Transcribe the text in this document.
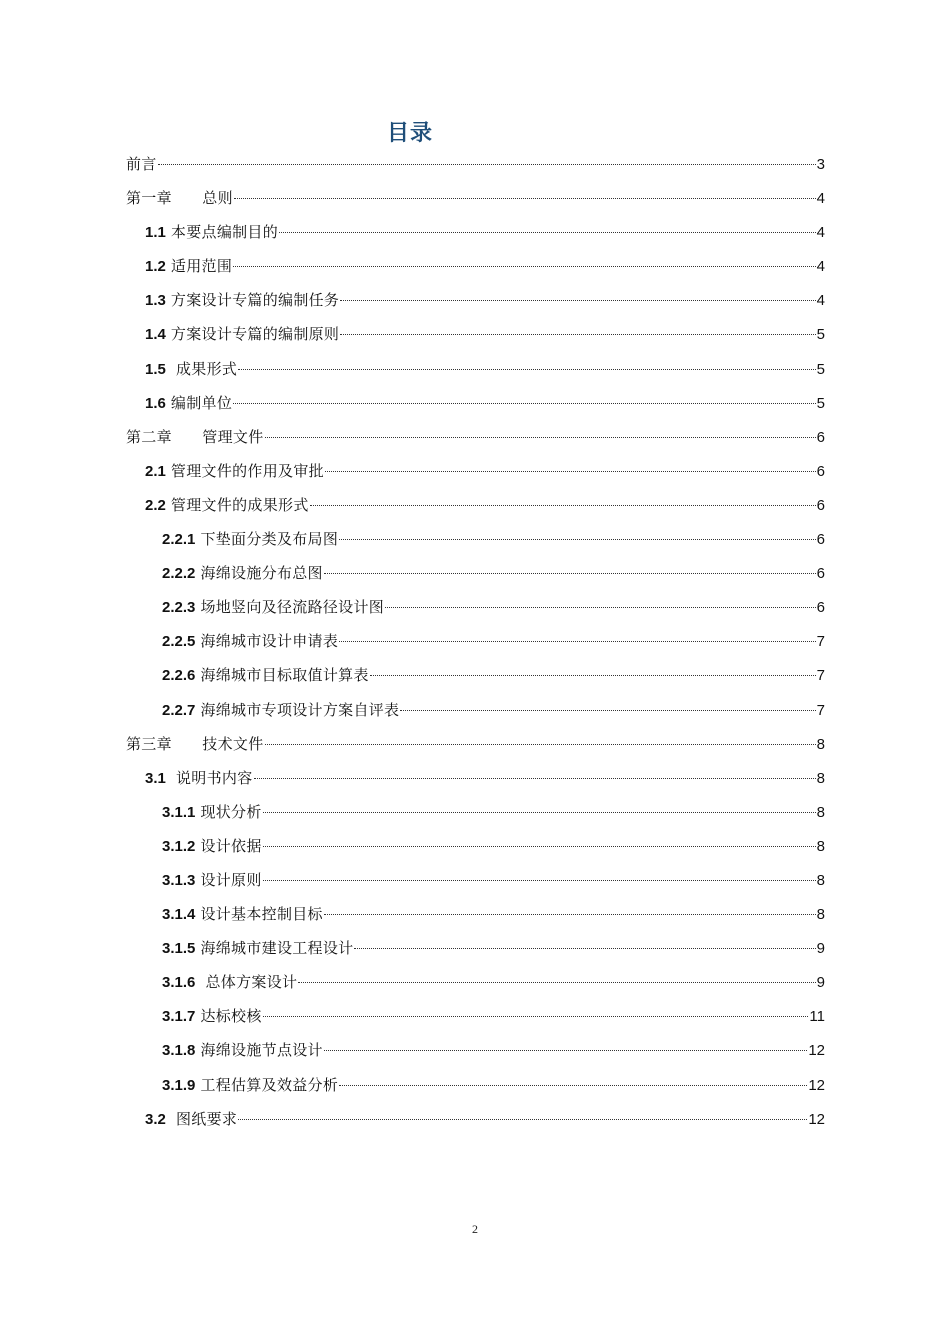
目录
前言	3
第一章      总则	4
1.1 本要点编制目的	4
1.2 适用范围	4
1.3 方案设计专篇的编制任务	4
1.4 方案设计专篇的编制原则	5
1.5 成果形式	5
1.6 编制单位	5
第二章      管理文件	6
2.1 管理文件的作用及审批	6
2.2 管理文件的成果形式	6
2.2.1 下垫面分类及布局图	6
2.2.2 海绵设施分布总图	6
2.2.3 场地竖向及径流路径设计图	6
2.2.5 海绵城市设计申请表	7
2.2.6 海绵城市目标取值计算表	7
2.2.7 海绵城市专项设计方案自评表	7
第三章      技术文件	8
3.1 说明书内容	8
3.1.1 现状分析	8
3.1.2 设计依据	8
3.1.3 设计原则	8
3.1.4 设计基本控制目标	8
3.1.5 海绵城市建设工程设计	9
3.1.6 总体方案设计	9
3.1.7 达标校核	11
3.1.8 海绵设施节点设计	12
3.1.9 工程估算及效益分析	12
3.2 图纸要求	12
2
